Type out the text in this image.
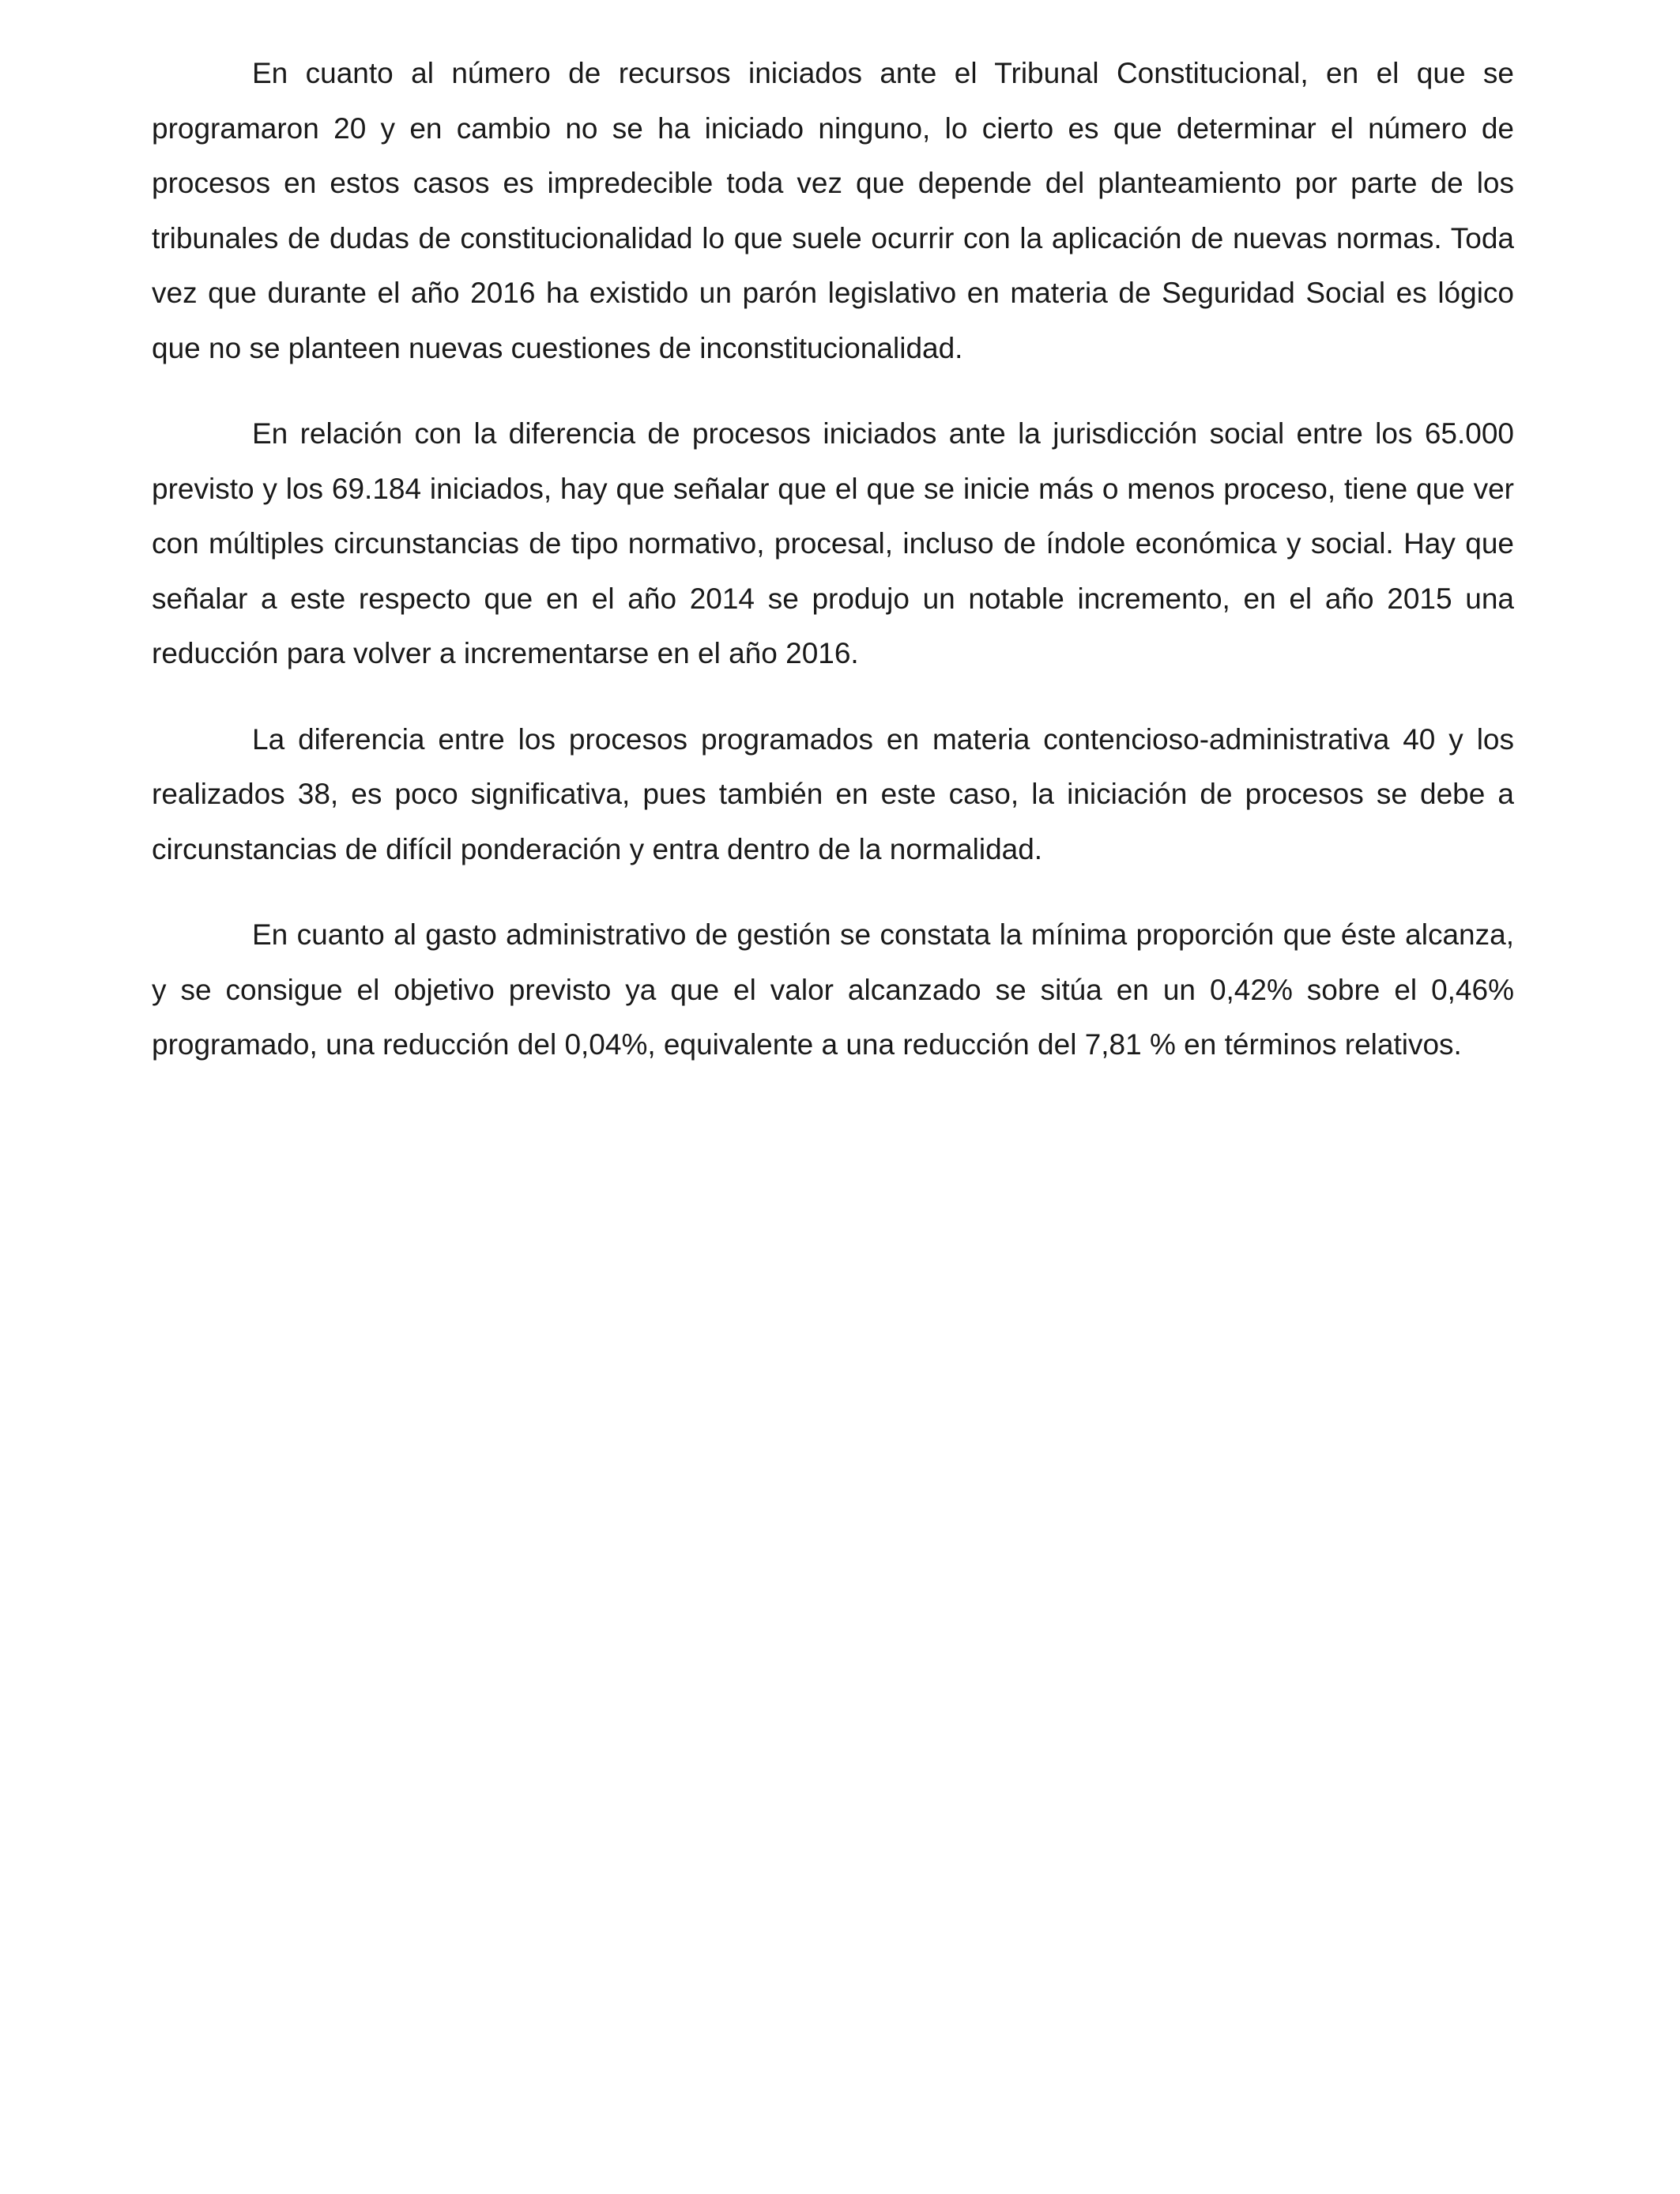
En cuanto al número de recursos iniciados ante el Tribunal Constitucional, en el que se programaron 20 y en cambio no se ha iniciado ninguno, lo cierto es que determinar el número de procesos en estos casos es impredecible toda vez que depende del planteamiento por parte de los tribunales de dudas de constitucionalidad lo que suele ocurrir con la aplicación de nuevas normas. Toda vez que durante el año 2016 ha existido un parón legislativo en materia de Seguridad Social es lógico que no se planteen nuevas cuestiones de inconstitucionalidad.

En relación con la diferencia de procesos iniciados ante la jurisdicción social entre los 65.000 previsto y los 69.184 iniciados, hay que señalar que el que se inicie más o menos proceso, tiene que ver con múltiples circunstancias de tipo normativo, procesal, incluso de índole económica y social. Hay que señalar a este respecto que en el año 2014 se produjo un notable incremento, en el año 2015 una reducción para volver a incrementarse en el año 2016.

La diferencia entre los procesos programados en materia contencioso-administrativa 40 y los realizados 38, es poco significativa, pues también en este caso, la iniciación de procesos se debe a circunstancias de difícil ponderación y entra dentro de la normalidad.

En cuanto al gasto administrativo de gestión se constata la mínima proporción que éste alcanza, y se consigue el objetivo previsto ya que el valor alcanzado se sitúa en un 0,42% sobre el 0,46% programado, una reducción del 0,04%, equivalente a una reducción del 7,81 % en términos relativos.
